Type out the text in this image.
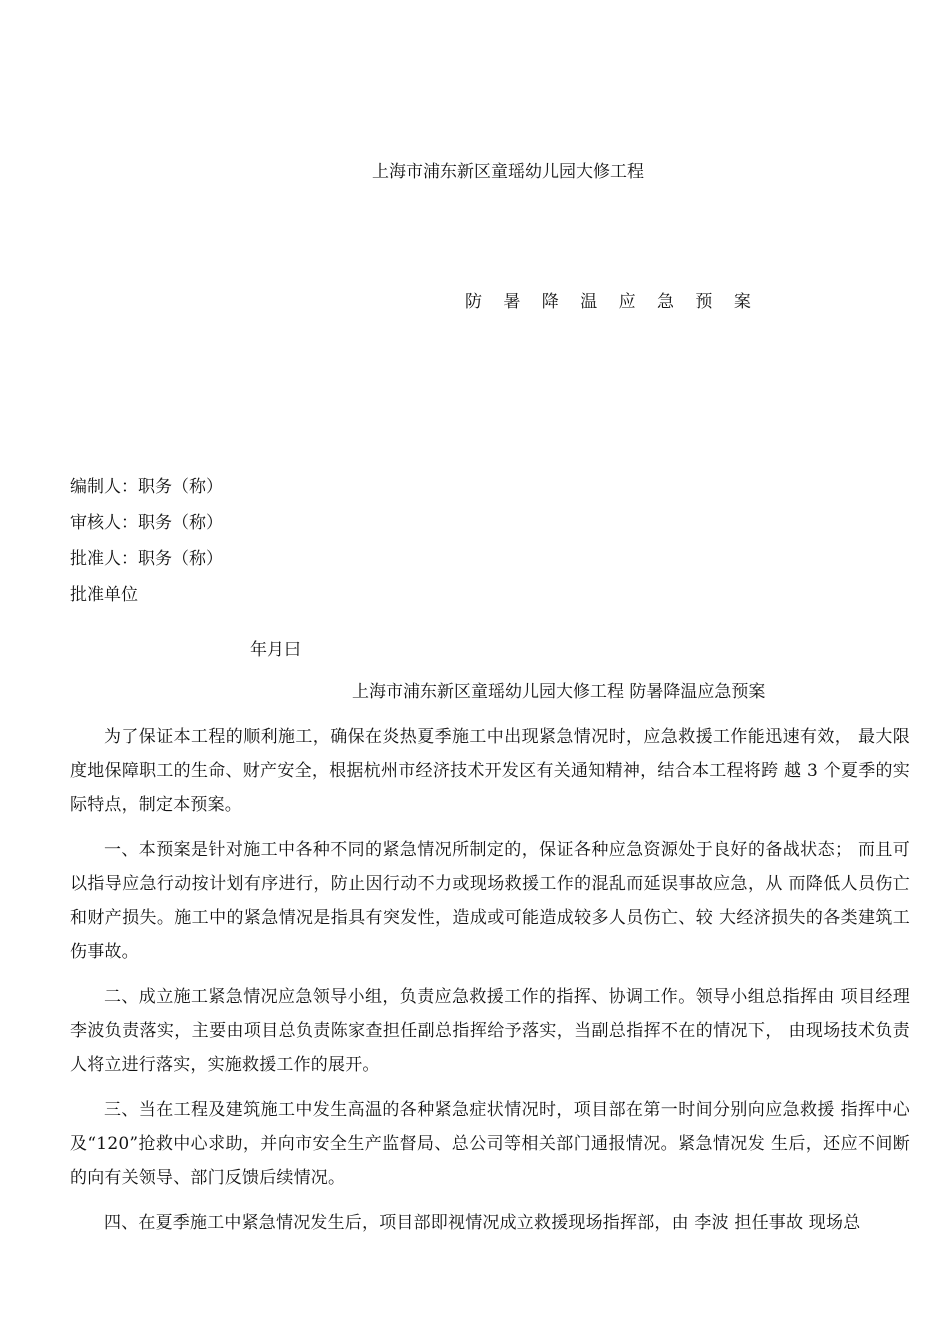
上海市浦东新区童瑶幼儿园大修工程
防 暑 降 温 应 急 预 案
编制人：职务（称）
审核人：职务（称）
批准人：职务（称）
批准单位
年月曰
上海市浦东新区童瑶幼儿园大修工程 防暑降温应急预案

为了保证本工程的顺利施工，确保在炎热夏季施工中出现紧急情况时，应急救援工作能迅速有效， 最大限度地保障职工的生命、财产安全，根据杭州市经济技术开发区有关通知精神，结合本工程将跨 越 3 个夏季的实际特点，制定本预案。

一、本预案是针对施工中各种不同的紧急情况所制定的，保证各种应急资源处于良好的备战状态； 而且可以指导应急行动按计划有序进行，防止因行动不力或现场救援工作的混乱而延误事故应急，从 而降低人员伤亡和财产损失。施工中的紧急情况是指具有突发性，造成或可能造成较多人员伤亡、较 大经济损失的各类建筑工伤事故。

二、成立施工紧急情况应急领导小组，负责应急救援工作的指挥、协调工作。领导小组总指挥由 项目经理李波负责落实，主要由项目总负责陈家查担任副总指挥给予落实，当副总指挥不在的情况下， 由现场技术负责人将立进行落实，实施救援工作的展开。

三、当在工程及建筑施工中发生高温的各种紧急症状情况时，项目部在第一时间分别向应急救援 指挥中心及“120”抢救中心求助，并向市安全生产监督局、总公司等相关部门通报情况。紧急情况发 生后，还应不间断的向有关领导、部门反馈后续情况。

四、在夏季施工中紧急情况发生后，项目部即视情况成立救援现场指挥部，由 李波 担任事故 现场总
